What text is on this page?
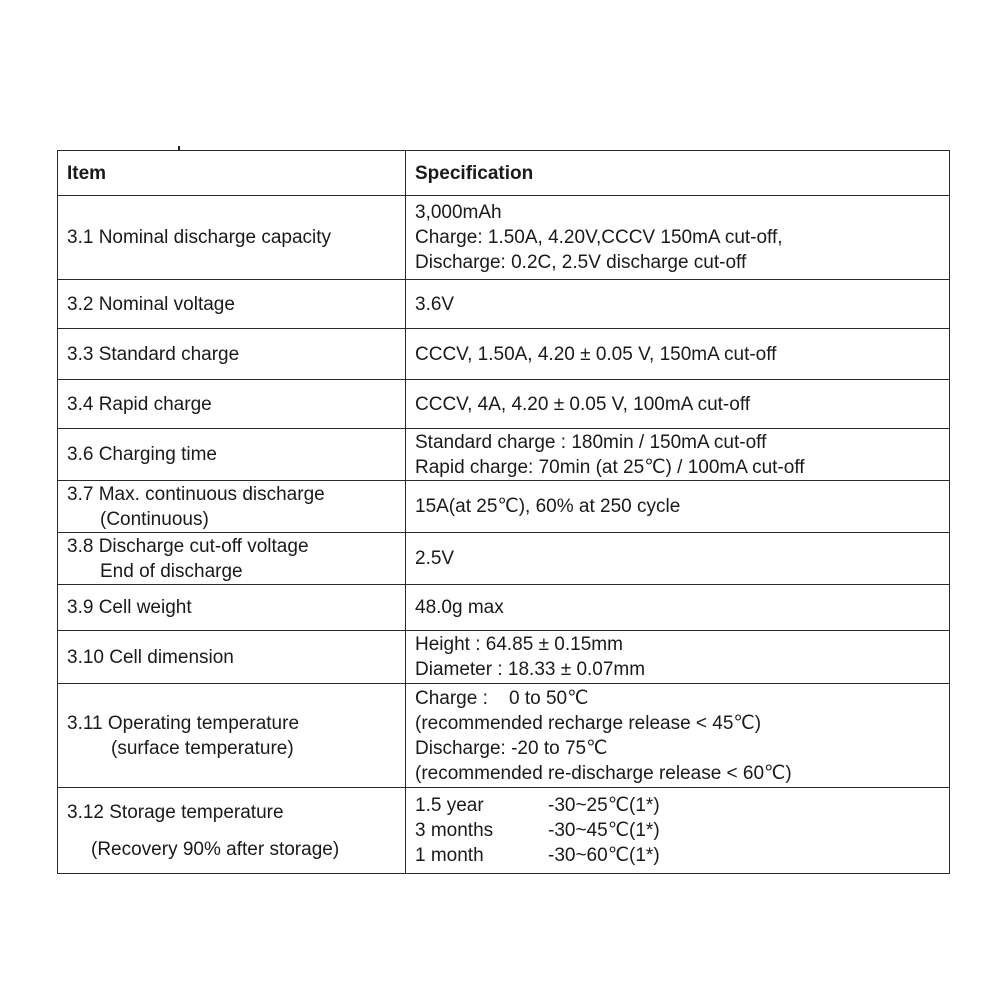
Item	Specification

3.1 Nominal discharge capacity	3,000mAh
Charge: 1.50A, 4.20V,CCCV 150mA cut-off,
Discharge: 0.2C, 2.5V discharge cut-off

3.2 Nominal voltage	3.6V

3.3 Standard charge	CCCV, 1.50A, 4.20 ± 0.05 V, 150mA cut-off

3.4 Rapid charge	CCCV, 4A, 4.20 ± 0.05 V, 100mA cut-off

3.6 Charging time	Standard charge : 180min / 150mA cut-off
Rapid charge: 70min (at 25℃) / 100mA cut-off

3.7 Max. continuous discharge
(Continuous)	15A(at 25℃), 60% at 250 cycle

3.8 Discharge cut-off voltage
End of discharge	2.5V

3.9 Cell weight	48.0g max

3.10 Cell dimension	Height : 64.85 ± 0.15mm
Diameter : 18.33 ± 0.07mm

3.11 Operating temperature
(surface temperature)	Charge :    0 to 50℃
(recommended recharge release < 45℃)
Discharge: -20 to 75℃
(recommended re-discharge release < 60℃)

3.12 Storage temperature
(Recovery 90% after storage)	1.5 year -30~25℃(1*)
3 months -30~45℃(1*)
1 month -30~60℃(1*)
